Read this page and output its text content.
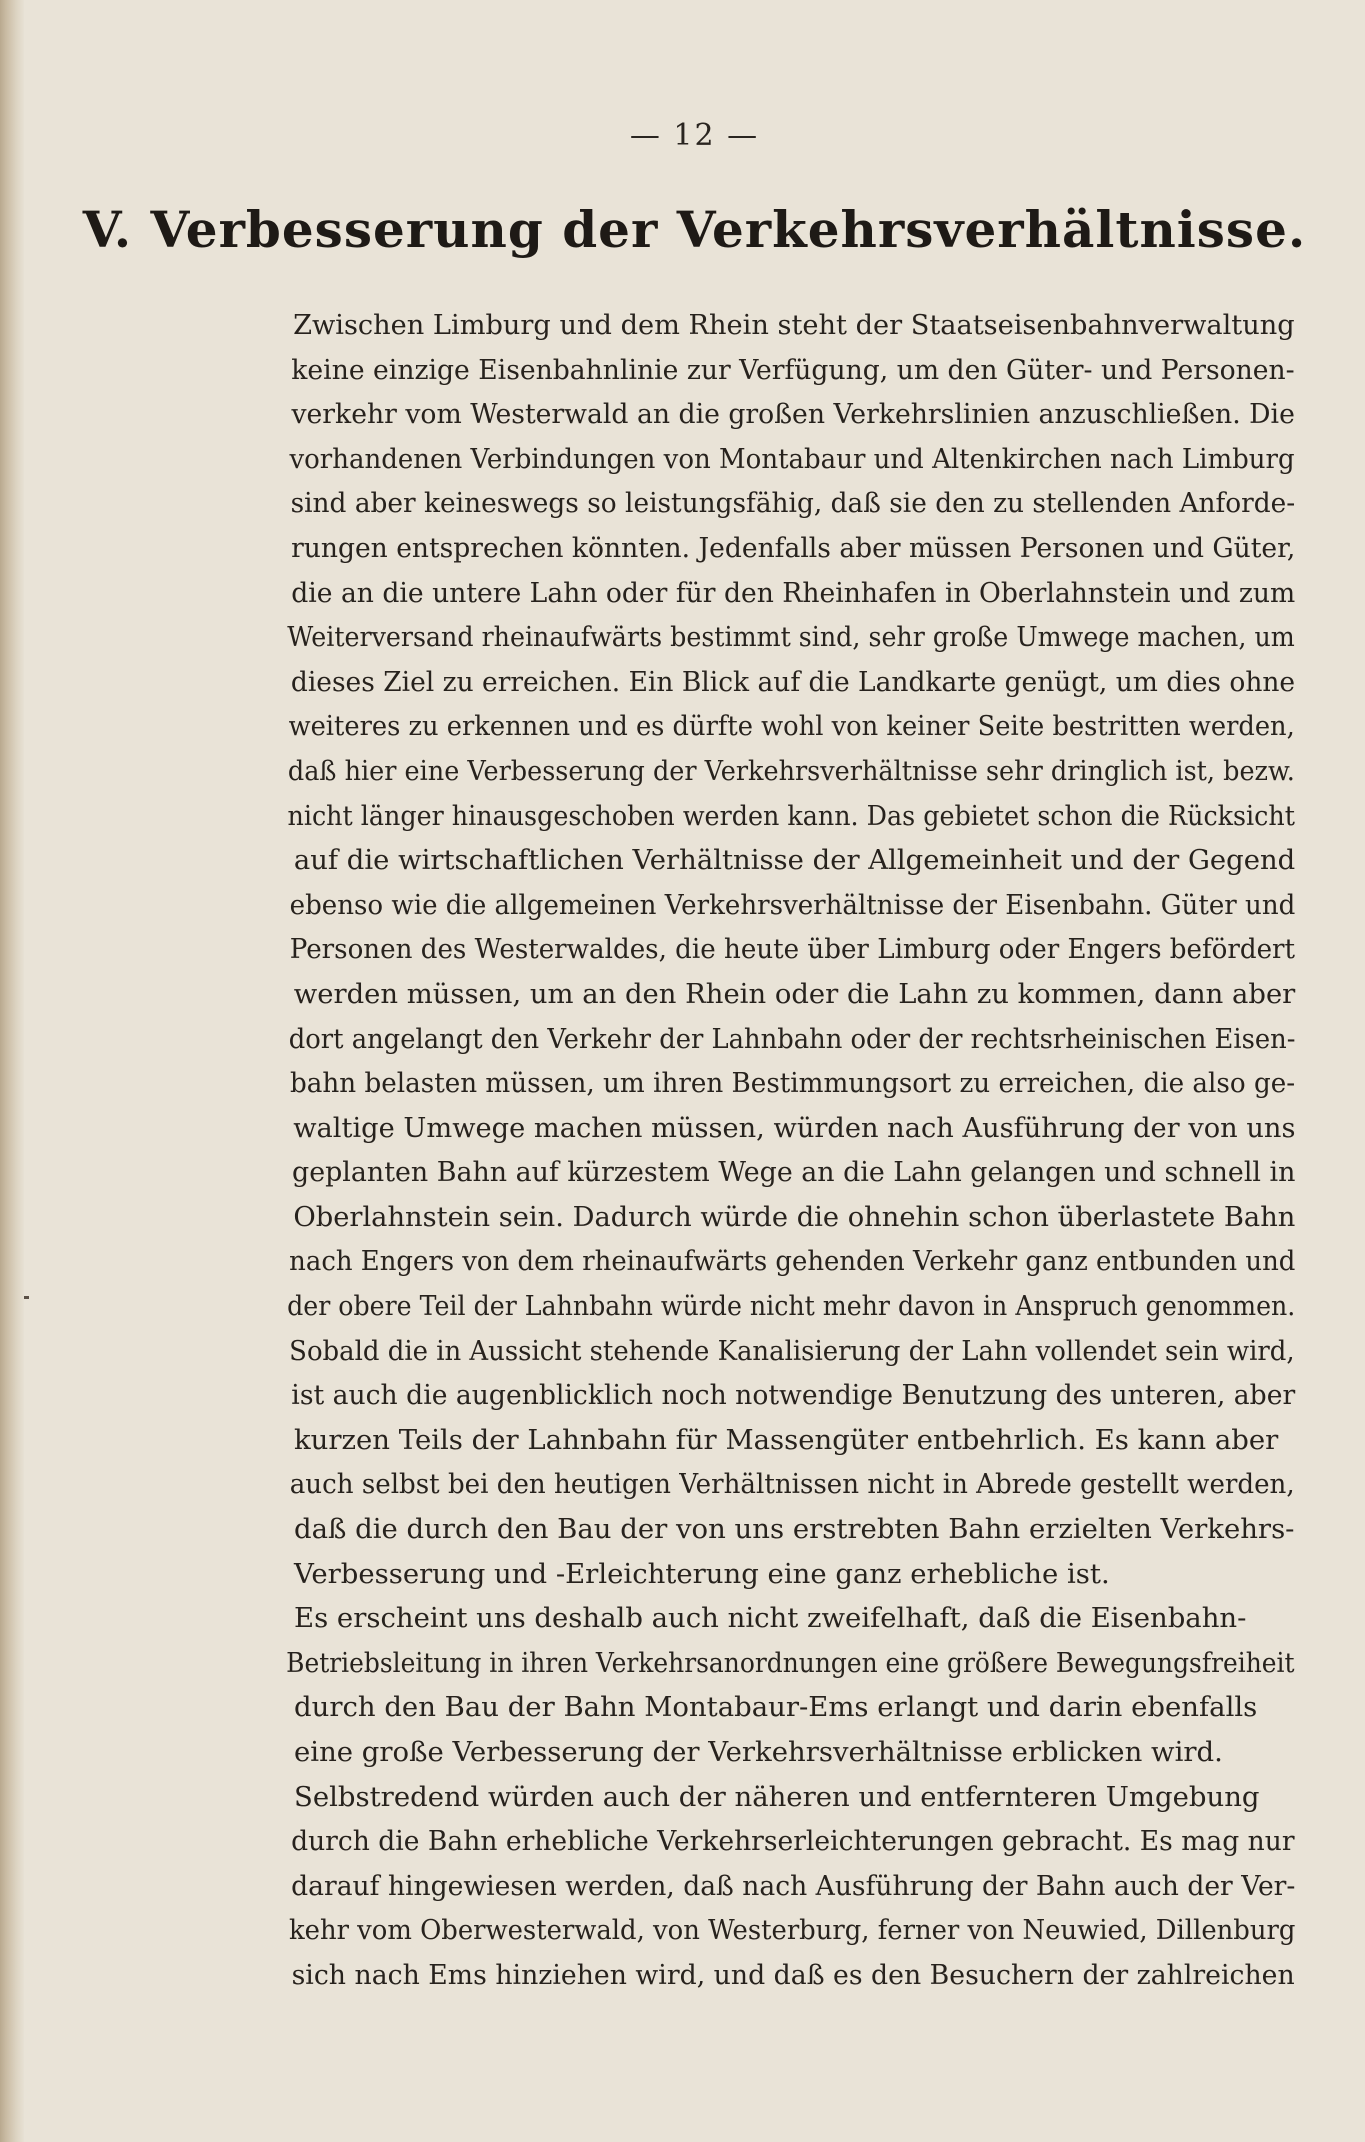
— 12 —
V. Verbesserung der Verkehrsverhältnisse.

Zwischen Limburg und dem Rhein steht der Staatseisenbahnverwaltung
keine einzige Eisenbahnlinie zur Verfügung, um den Güter- und Personen-
verkehr vom Westerwald an die großen Verkehrslinien anzuschließen. Die
vorhandenen Verbindungen von Montabaur und Altenkirchen nach Limburg
sind aber keineswegs so leistungsfähig, daß sie den zu stellenden Anforde-
rungen entsprechen könnten. Jedenfalls aber müssen Personen und Güter,
die an die untere Lahn oder für den Rheinhafen in Oberlahnstein und zum
Weiterversand rheinaufwärts bestimmt sind, sehr große Umwege machen, um
dieses Ziel zu erreichen. Ein Blick auf die Landkarte genügt, um dies ohne
weiteres zu erkennen und es dürfte wohl von keiner Seite bestritten werden,
daß hier eine Verbesserung der Verkehrsverhältnisse sehr dringlich ist, bezw.
nicht länger hinausgeschoben werden kann. Das gebietet schon die Rücksicht
auf die wirtschaftlichen Verhältnisse der Allgemeinheit und der Gegend
ebenso wie die allgemeinen Verkehrsverhältnisse der Eisenbahn. Güter und
Personen des Westerwaldes, die heute über Limburg oder Engers befördert
werden müssen, um an den Rhein oder die Lahn zu kommen, dann aber
dort angelangt den Verkehr der Lahnbahn oder der rechtsrheinischen Eisen-
bahn belasten müssen, um ihren Bestimmungsort zu erreichen, die also ge-
waltige Umwege machen müssen, würden nach Ausführung der von uns
geplanten Bahn auf kürzestem Wege an die Lahn gelangen und schnell in
Oberlahnstein sein. Dadurch würde die ohnehin schon überlastete Bahn
nach Engers von dem rheinaufwärts gehenden Verkehr ganz entbunden und
der obere Teil der Lahnbahn würde nicht mehr davon in Anspruch genommen.
Sobald die in Aussicht stehende Kanalisierung der Lahn vollendet sein wird,
ist auch die augenblicklich noch notwendige Benutzung des unteren, aber
kurzen Teils der Lahnbahn für Massengüter entbehrlich. Es kann aber
auch selbst bei den heutigen Verhältnissen nicht in Abrede gestellt werden,
daß die durch den Bau der von uns erstrebten Bahn erzielten Verkehrs-
Verbesserung und -Erleichterung eine ganz erhebliche ist.

Es erscheint uns deshalb auch nicht zweifelhaft, daß die Eisenbahn-
Betriebsleitung in ihren Verkehrsanordnungen eine größere Bewegungsfreiheit
durch den Bau der Bahn Montabaur-Ems erlangt und darin ebenfalls
eine große Verbesserung der Verkehrsverhältnisse erblicken wird.

Selbstredend würden auch der näheren und entfernteren Umgebung
durch die Bahn erhebliche Verkehrserleichterungen gebracht. Es mag nur
darauf hingewiesen werden, daß nach Ausführung der Bahn auch der Ver-
kehr vom Oberwesterwald, von Westerburg, ferner von Neuwied, Dillenburg
sich nach Ems hinziehen wird, und daß es den Besuchern der zahlreichen
